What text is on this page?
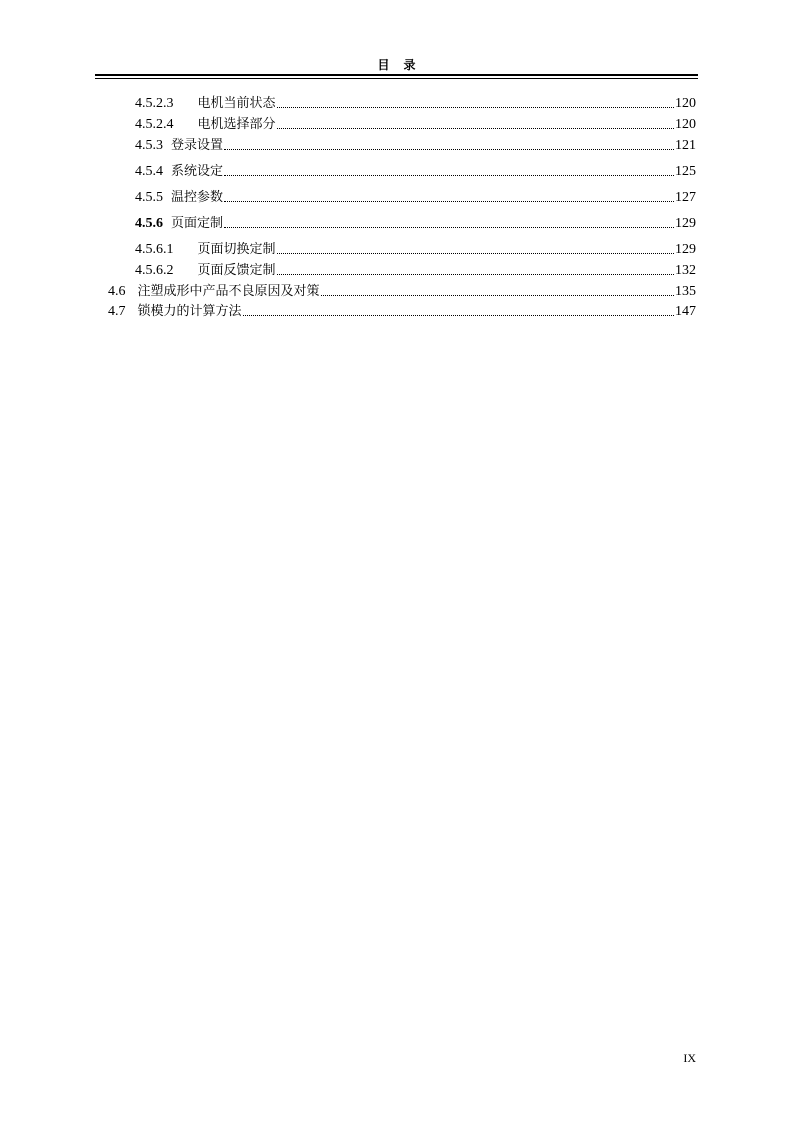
目录
4.5.2.3 电机当前状态	120
4.5.2.4 电机选择部分	120
4.5.3 登录设置	121
4.5.4 系统设定	125
4.5.5 温控参数	127
4.5.6 页面定制	129
4.5.6.1 页面切换定制	129
4.5.6.2 页面反馈定制	132
4.6 注塑成形中产品不良原因及对策	135
4.7 锁模力的计算方法	147
IX
